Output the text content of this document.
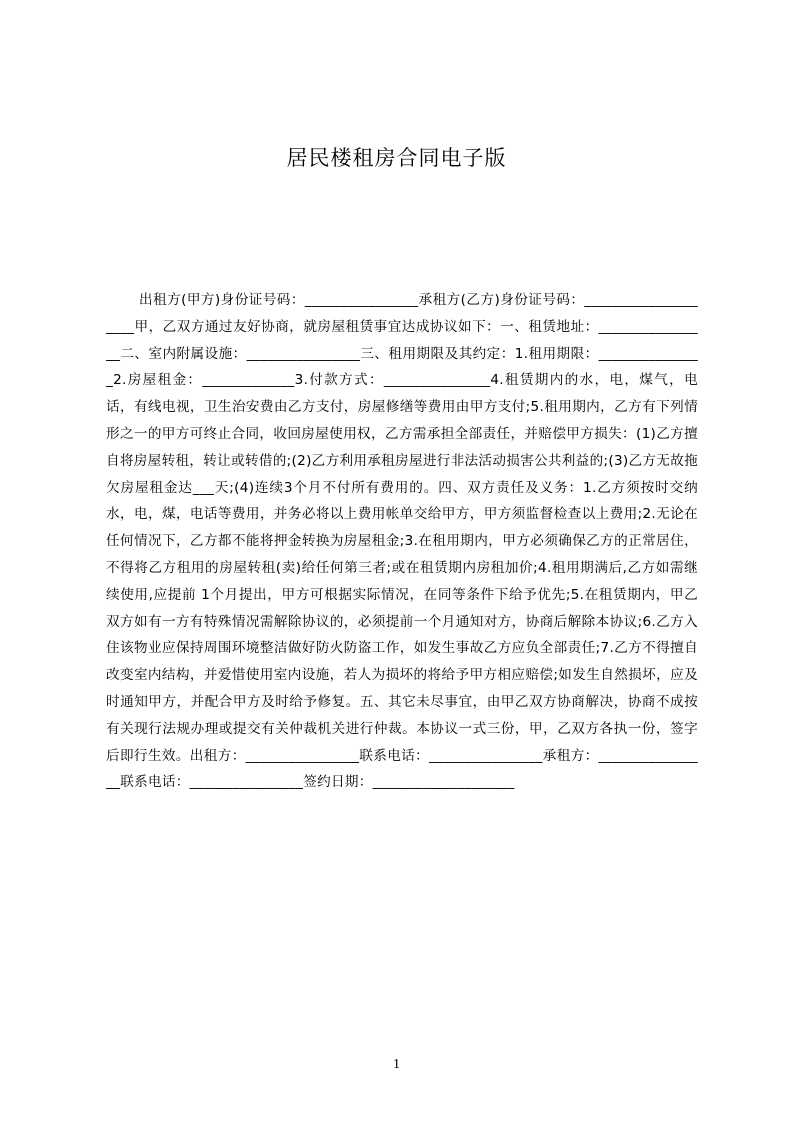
居民楼租房合同电子版

出租方(甲方)身份证号码：________________承租方(乙方)身份证号码：____________________甲，乙双方通过友好协商，就房屋租赁事宜达成协议如下：一、租赁地址：________________二、室内附属设施：________________三、租用期限及其约定：1.租用期限：_______________2.房屋租金：_____________3.付款方式：_______________4.租赁期内的水，电，煤气，电话，有线电视，卫生治安费由乙方支付，房屋修缮等费用由甲方支付;5.租用期内，乙方有下列情形之一的甲方可终止合同，收回房屋使用权，乙方需承担全部责任，并赔偿甲方损失：(1)乙方擅自将房屋转租，转让或转借的;(2)乙方利用承租房屋进行非法活动损害公共利益的;(3)乙方无故拖欠房屋租金达___天;(4)连续3个月不付所有费用的。四、双方责任及义务：1.乙方须按时交纳水，电，煤，电话等费用，并务必将以上费用帐单交给甲方，甲方须监督检查以上费用;2.无论在任何情况下，乙方都不能将押金转换为房屋租金;3.在租用期内，甲方必须确保乙方的正常居住，不得将乙方租用的房屋转租(卖)给任何第三者;或在租赁期内房租加价;4.租用期满后,乙方如需继续使用,应提前 1个月提出，甲方可根据实际情况，在同等条件下给予优先;5.在租赁期内，甲乙双方如有一方有特殊情况需解除协议的，必须提前一个月通知对方，协商后解除本协议;6.乙方入住该物业应保持周围环境整洁做好防火防盗工作，如发生事故乙方应负全部责任;7.乙方不得擅自改变室内结构，并爱惜使用室内设施，若人为损坏的将给予甲方相应赔偿;如发生自然损坏，应及时通知甲方，并配合甲方及时给予修复。五、其它未尽事宜，由甲乙双方协商解决，协商不成按有关现行法规办理或提交有关仲裁机关进行仲裁。本协议一式三份，甲，乙双方各执一份，签字后即行生效。出租方：________________联系电话：________________承租方：________________联系电话：________________签约日期：____________________

1
